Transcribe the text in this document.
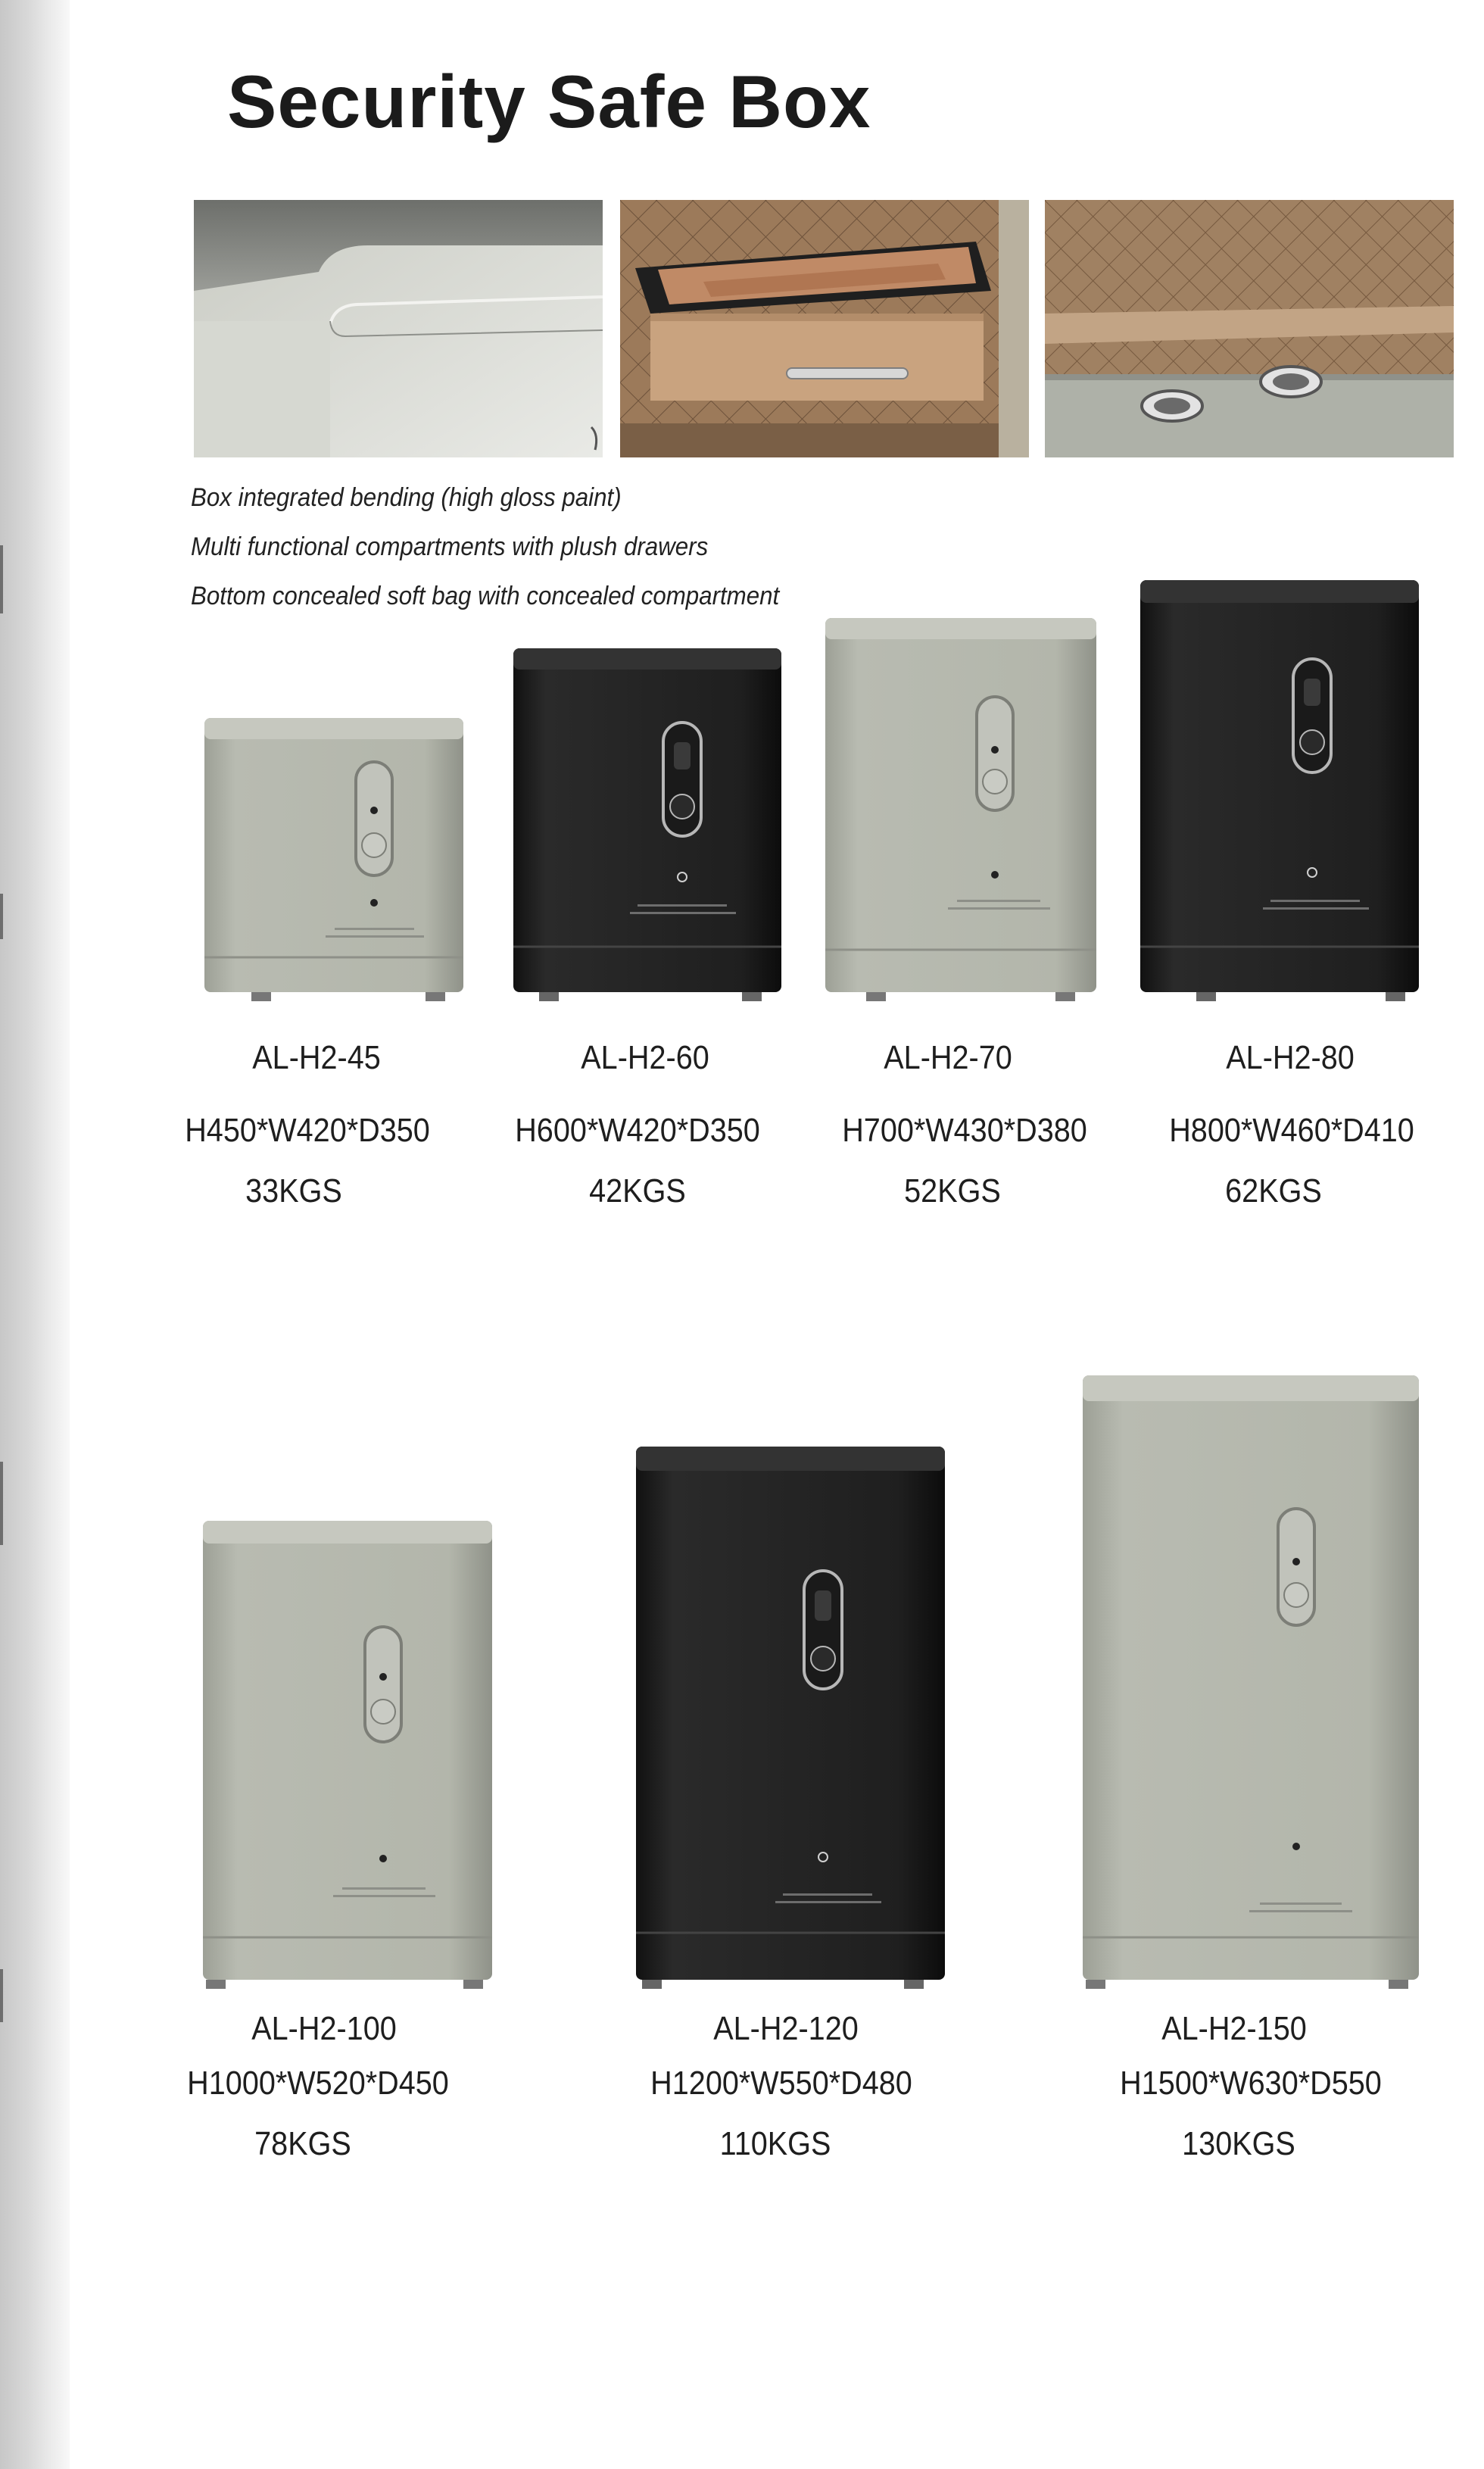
Security Safe Box
Box integrated bending (high gloss paint)
Multi functional compartments with plush drawers
Bottom concealed soft bag with concealed compartment
AL-H2-45
H450*W420*D350
33KGS
AL-H2-60
H600*W420*D350
42KGS
AL-H2-70
H700*W430*D380
52KGS
AL-H2-80
H800*W460*D410
62KGS
AL-H2-100
H1000*W520*D450
78KGS
AL-H2-120
H1200*W550*D480
110KGS
AL-H2-150
H1500*W630*D550
130KGS
